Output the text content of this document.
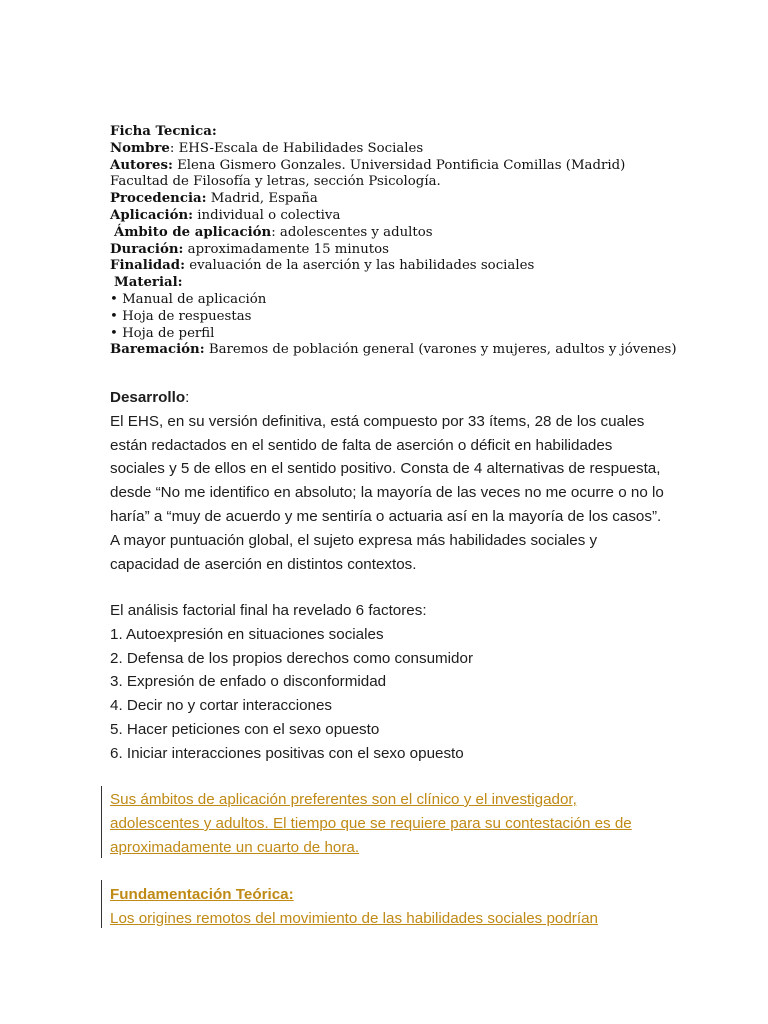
Ficha Tecnica:
Nombre: EHS-Escala de Habilidades Sociales
Autores: Elena Gismero Gonzales. Universidad Pontificia Comillas (Madrid) Facultad de Filosofía y letras, sección Psicología.
Procedencia: Madrid, España
Aplicación: individual o colectiva
Ámbito de aplicación: adolescentes y adultos
Duración: aproximadamente 15 minutos
Finalidad: evaluación de la aserción y las habilidades sociales
Material:
• Manual de aplicación
• Hoja de respuestas
• Hoja de perfil
Baremación: Baremos de población general (varones y mujeres, adultos y jóvenes)
Desarrollo:
El EHS, en su versión definitiva, está compuesto por 33 ítems, 28 de los cuales están redactados en el sentido de falta de aserción o déficit en habilidades sociales y 5 de ellos en el sentido positivo. Consta de 4 alternativas de respuesta, desde “No me identifico en absoluto; la mayoría de las veces no me ocurre o no lo haría” a “muy de acuerdo y me sentiría o actuaria así en la mayoría de los casos”. A mayor puntuación global, el sujeto expresa más habilidades sociales y capacidad de aserción en distintos contextos.
El análisis factorial final ha revelado 6 factores:
1. Autoexpresión en situaciones sociales
2. Defensa de los propios derechos como consumidor
3. Expresión de enfado o disconformidad
4. Decir no y cortar interacciones
5. Hacer peticiones con el sexo opuesto
6. Iniciar interacciones positivas con el sexo opuesto
Sus ámbitos de aplicación preferentes son el clínico y el investigador, adolescentes y adultos. El tiempo que se requiere para su contestación es de aproximadamente un cuarto de hora.
Fundamentación Teórica:
Los origines remotos del movimiento de las habilidades sociales podrían
